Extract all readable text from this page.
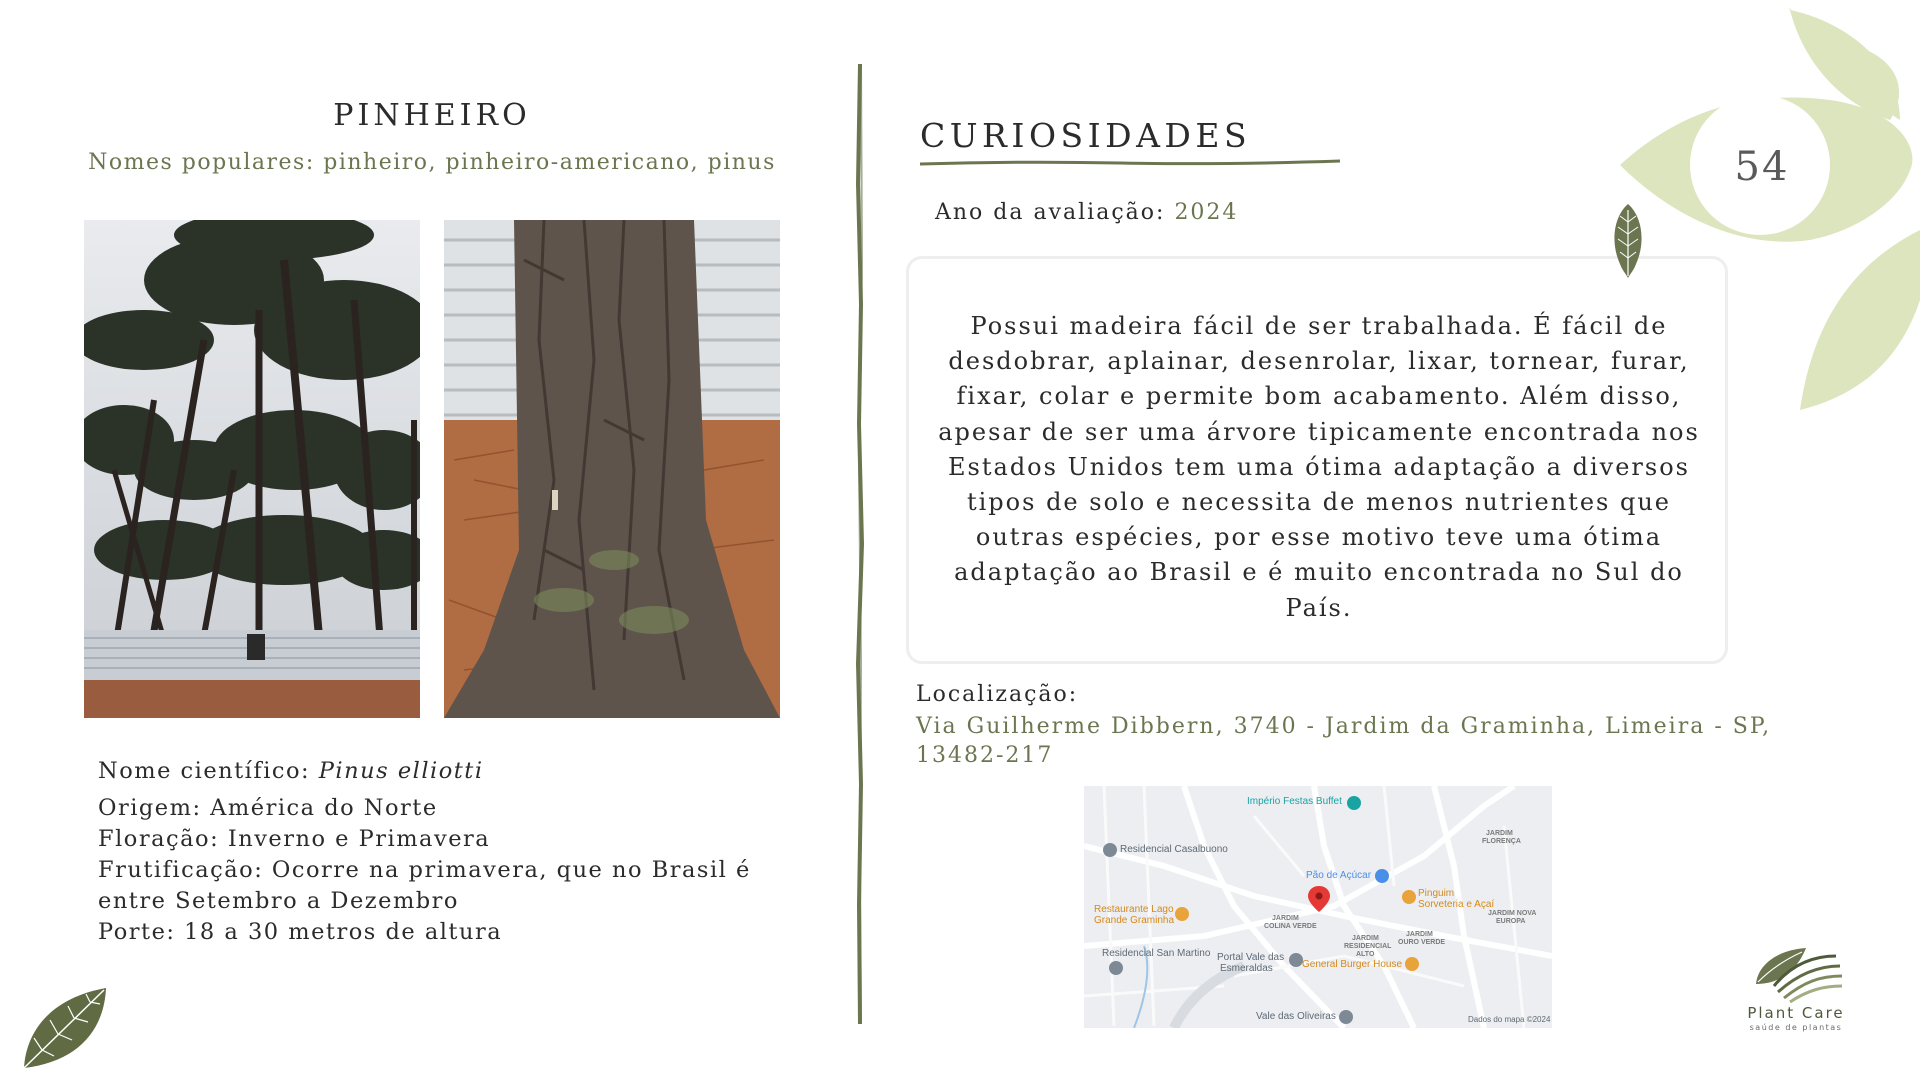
PINHEIRO
Nomes populares: pinheiro, pinheiro-americano, pinus
Nome científico: Pinus elliotti
Origem: América do Norte
Floração: Inverno e Primavera
Frutificação: Ocorre na primavera, que no Brasil é
entre Setembro a Dezembro
Porte: 18 a 30 metros de altura
CURIOSIDADES
Ano da avaliação: 2024
Possui madeira fácil de ser trabalhada. É fácil de desdobrar, aplainar, desenrolar, lixar, tornear, furar, fixar, colar e permite bom acabamento. Além disso, apesar de ser uma árvore tipicamente encontrada nos Estados Unidos tem uma ótima adaptação a diversos tipos de solo e necessita de menos nutrientes que outras espécies, por esse motivo teve uma ótima adaptação ao Brasil e é muito encontrada no Sul do País.
Localização:
Via Guilherme Dibbern, 3740 - Jardim da Graminha, Limeira - SP, 13482-217
Império Festas Buffet
Residencial Casalbuono
Pão de Açúcar
Restaurante Lago
Grande Graminha
Pinguim
Sorveteria e Açaí
JARDIM
COLINA VERDE
JARDIM
RESIDENCIAL
ALTO
JARDIM
OURO VERDE
JARDIM
FLORENÇA
JARDIM NOVA
EUROPA
Residencial San Martino Portal Vale das
Esmeraldas	General Burger House
Vale das Oliveiras	Dados do mapa ©2024
54
Plant Care
saúde de plantas
